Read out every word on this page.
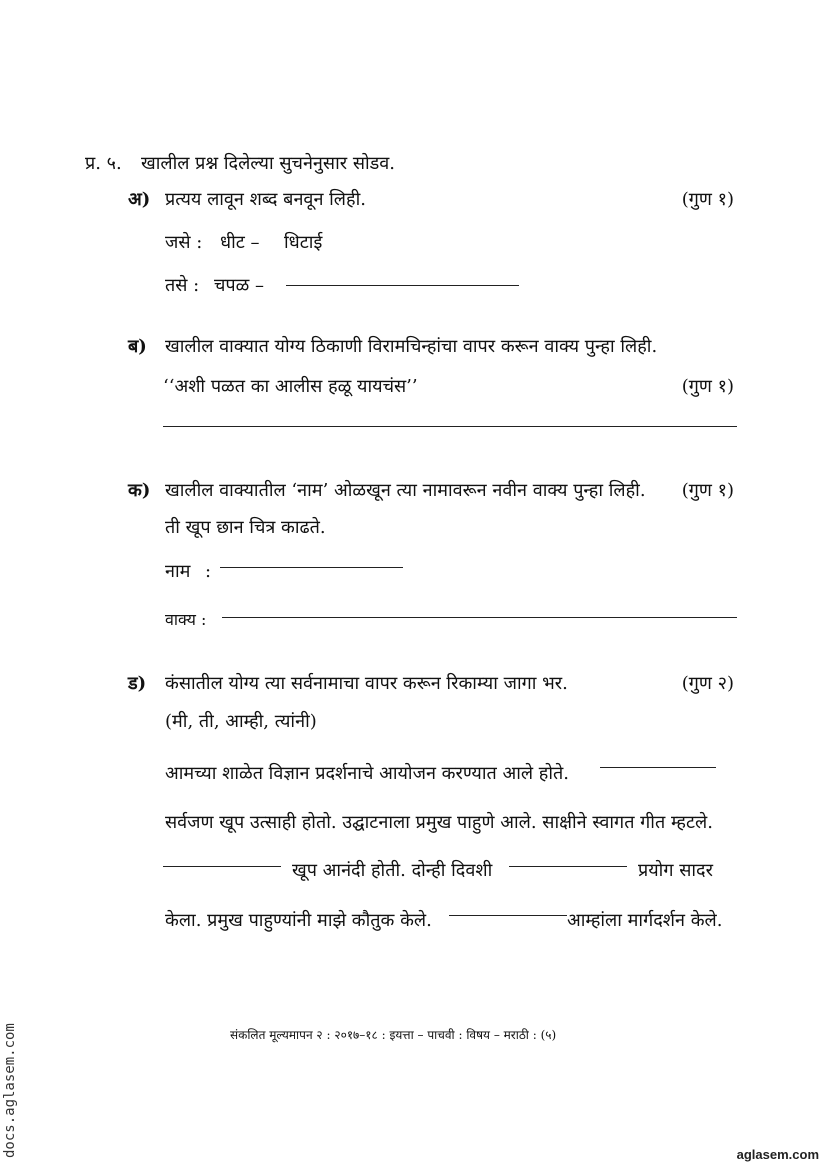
प्र. ५. खालील प्रश्न दिलेल्या सुचनेनुसार सोडव.
अ) प्रत्यय लावून शब्द बनवून लिही.	(गुण १)
जसे : धीट – धिटाई
तसे : चपळ –
ब) खालील वाक्यात योग्य ठिकाणी विरामचिन्हांचा वापर करून वाक्य पुन्हा लिही.
‘‘अशी पळत का आलीस हळू यायचंस’’	(गुण १)
क) खालील वाक्यातील ‘नाम’ ओळखून त्या नामावरून नवीन वाक्य पुन्हा लिही. (गुण १)
ती खूप छान चित्र काढते.
नाम :
वाक्य :
ड) कंसातील योग्य त्या सर्वनामाचा वापर करून रिकाम्या जागा भर.	(गुण २)
(मी, ती, आम्ही, त्यांनी)
आमच्या शाळेत विज्ञान प्रदर्शनाचे आयोजन करण्यात आले होते.
सर्वजण खूप उत्साही होतो. उद्घाटनाला प्रमुख पाहुणे आले. साक्षीने स्वागत गीत म्हटले.
खूप आनंदी होती. दोन्ही दिवशी	प्रयोग सादर
केला. प्रमुख पाहुण्यांनी माझे कौतुक केले.	आम्हांला मार्गदर्शन केले.
संकलित मूल्यमापन २ : २०१७–१८ : इयत्ता – पाचवी : विषय – मराठी : (५)
docs.aglasem.com	aglasem.com
